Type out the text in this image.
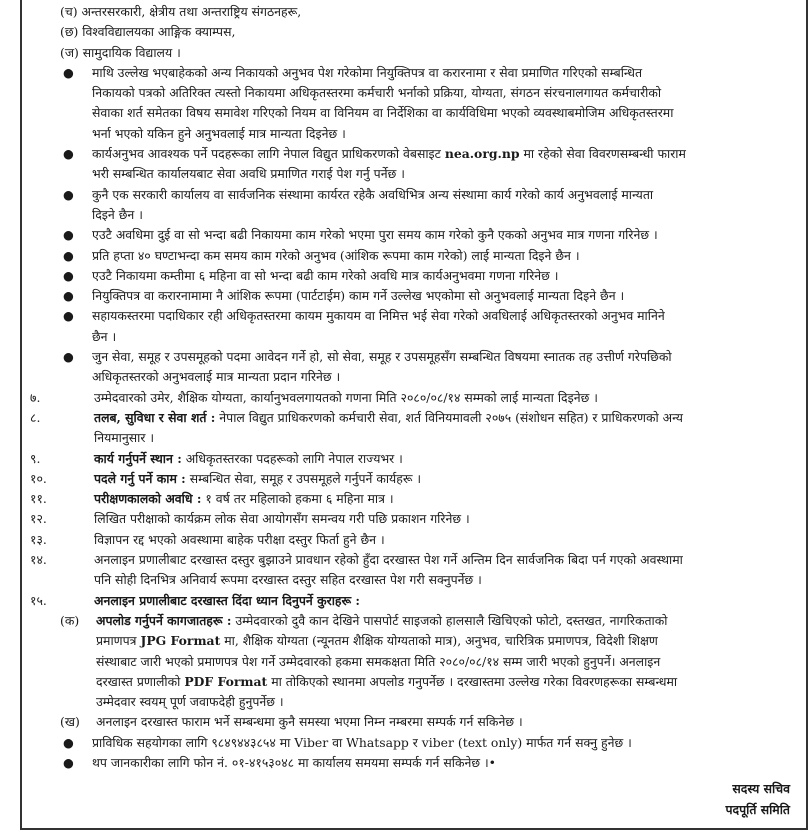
(च) अन्तरसरकारी, क्षेत्रीय तथा अन्तराष्ट्रिय संगठनहरू,
(छ) विश्वविद्यालयका आङ्गिक क्याम्पस,
(ज) सामुदायिक विद्यालय ।
● माथि उल्लेख भएबाहेकको अन्य निकायको अनुभव पेश गरेकोमा नियुक्तिपत्र वा करारनामा र सेवा प्रमाणित गरिएको सम्बन्धित
निकायको पत्रको अतिरिक्त त्यस्तो निकायमा अधिकृतस्तरमा कर्मचारी भर्नाको प्रक्रिया, योग्यता, संगठन संरचनालगायत कर्मचारीको
सेवाका शर्त समेतका विषय समावेश गरिएको नियम वा विनियम वा निर्देशिका वा कार्यविधिमा भएको व्यवस्थाबमोजिम अधिकृतस्तरमा
भर्ना भएको यकिन हुने अनुभवलाई मात्र मान्यता दिइनेछ ।
● कार्यअनुभव आवश्यक पर्ने पदहरूका लागि नेपाल विद्युत प्राधिकरणको वेबसाइट nea.org.np मा रहेको सेवा विवरणसम्बन्धी फाराम
भरी सम्बन्धित कार्यालयबाट सेवा अवधि प्रमाणित गराई पेश गर्नु पर्नेछ ।
● कुनै एक सरकारी कार्यालय वा सार्वजनिक संस्थामा कार्यरत रहेकै अवधिभित्र अन्य संस्थामा कार्य गरेको कार्य अनुभवलाई मान्यता
दिइने छैन ।
● एउटै अवधिमा दुई वा सो भन्दा बढी निकायमा काम गरेको भएमा पुरा समय काम गरेको कुनै एकको अनुभव मात्र गणना गरिनेछ ।
● प्रति हप्ता ४० घण्टाभन्दा कम समय काम गरेको अनुभव (आंशिक रूपमा काम गरेको) लाई मान्यता दिइने छैन ।
● एउटै निकायमा कम्तीमा ६ महिना वा सो भन्दा बढी काम गरेको अवधि मात्र कार्यअनुभवमा गणना गरिनेछ ।
● नियुक्तिपत्र वा करारनामामा नै आंशिक रूपमा (पार्टटाईम) काम गर्ने उल्लेख भएकोमा सो अनुभवलाई मान्यता दिइने छैन ।
● सहायकस्तरमा पदाधिकार रही अधिकृतस्तरमा कायम मुकायम वा निमित्त भई सेवा गरेको अवधिलाई अधिकृतस्तरको अनुभव मानिने
छैन ।
● जुन सेवा, समूह र उपसमूहको पदमा आवेदन गर्ने हो, सो सेवा, समूह र उपसमूहसँग सम्बन्धित विषयमा स्नातक तह उत्तीर्ण गरेपछिको
अधिकृतस्तरको अनुभवलाई मात्र मान्यता प्रदान गरिनेछ ।
७.	उम्मेदवारको उमेर, शैक्षिक योग्यता, कार्यानुभवलगायतको गणना मिति २०८०/०८/१४ सम्मको लाई मान्यता दिइनेछ ।
८.	तलब, सुविधा र सेवा शर्त : नेपाल विद्युत प्राधिकरणको कर्मचारी सेवा, शर्त विनियमावली २०७५ (संशोधन सहित) र प्राधिकरणको अन्य
नियमानुसार ।
९.	कार्य गर्नुपर्ने स्थान : अधिकृतस्तरका पदहरूको लागि नेपाल राज्यभर ।
१०.	पदले गर्नु पर्ने काम : सम्बन्धित सेवा, समूह र उपसमूहले गर्नुपर्ने कार्यहरू ।
११.	परीक्षणकालको अवधि : १ वर्ष तर महिलाको हकमा ६ महिना मात्र ।
१२.	लिखित परीक्षाको कार्यक्रम लोक सेवा आयोगसँग समन्वय गरी पछि प्रकाशन गरिनेछ ।
१३.	विज्ञापन रद्द भएको अवस्थामा बाहेक परीक्षा दस्तुर फिर्ता हुने छैन ।
१४.	अनलाइन प्रणालीबाट दरखास्त दस्तुर बुझाउने प्रावधान रहेको हुँदा दरखास्त पेश गर्ने अन्तिम दिन सार्वजनिक बिदा पर्न गएको अवस्थामा
पनि सोही दिनभित्र अनिवार्य रूपमा दरखास्त दस्तुर सहित दरखास्त पेश गरी सक्नुपर्नेछ ।
१५.	अनलाइन प्रणालीबाट दरखास्त दिंदा ध्यान दिनुपर्ने कुराहरू :
(क) अपलोड गर्नुपर्ने कागजातहरू : उम्मेदवारको दुवै कान देखिने पासपोर्ट साइजको हालसालै खिचिएको फोटो, दस्तखत, नागरिकताको
प्रमाणपत्र JPG Format मा, शैक्षिक योग्यता (न्यूनतम शैक्षिक योग्यताको मात्र), अनुभव, चारित्रिक प्रमाणपत्र, विदेशी शिक्षण
संस्थाबाट जारी भएको प्रमाणपत्र पेश गर्ने उम्मेदवारको हकमा समकक्षता मिति २०८०/०८/१४ सम्म जारी भएको हुनुपर्ने। अनलाइन
दरखास्त प्रणालीको PDF Format मा तोकिएको स्थानमा अपलोड गनुपर्नेछ । दरखास्तमा उल्लेख गरेका विवरणहरूका सम्बन्धमा
उम्मेदवार स्वयम् पूर्ण जवाफदेही हुनुपर्नेछ ।
(ख) अनलाइन दरखास्त फाराम भर्ने सम्बन्धमा कुनै समस्या भएमा निम्न नम्बरमा सम्पर्क गर्न सकिनेछ ।
● प्राविधिक सहयोगका लागि ९८४९४४३८५४ मा Viber वा Whatsapp र viber (text only) मार्फत गर्न सक्नु हुनेछ ।
● थप जानकारीका लागि फोन नं. ०१-४१५३०४८ मा कार्यालय समयमा सम्पर्क गर्न सकिनेछ ।•
सदस्य सचिव
पदपूर्ति समिति
